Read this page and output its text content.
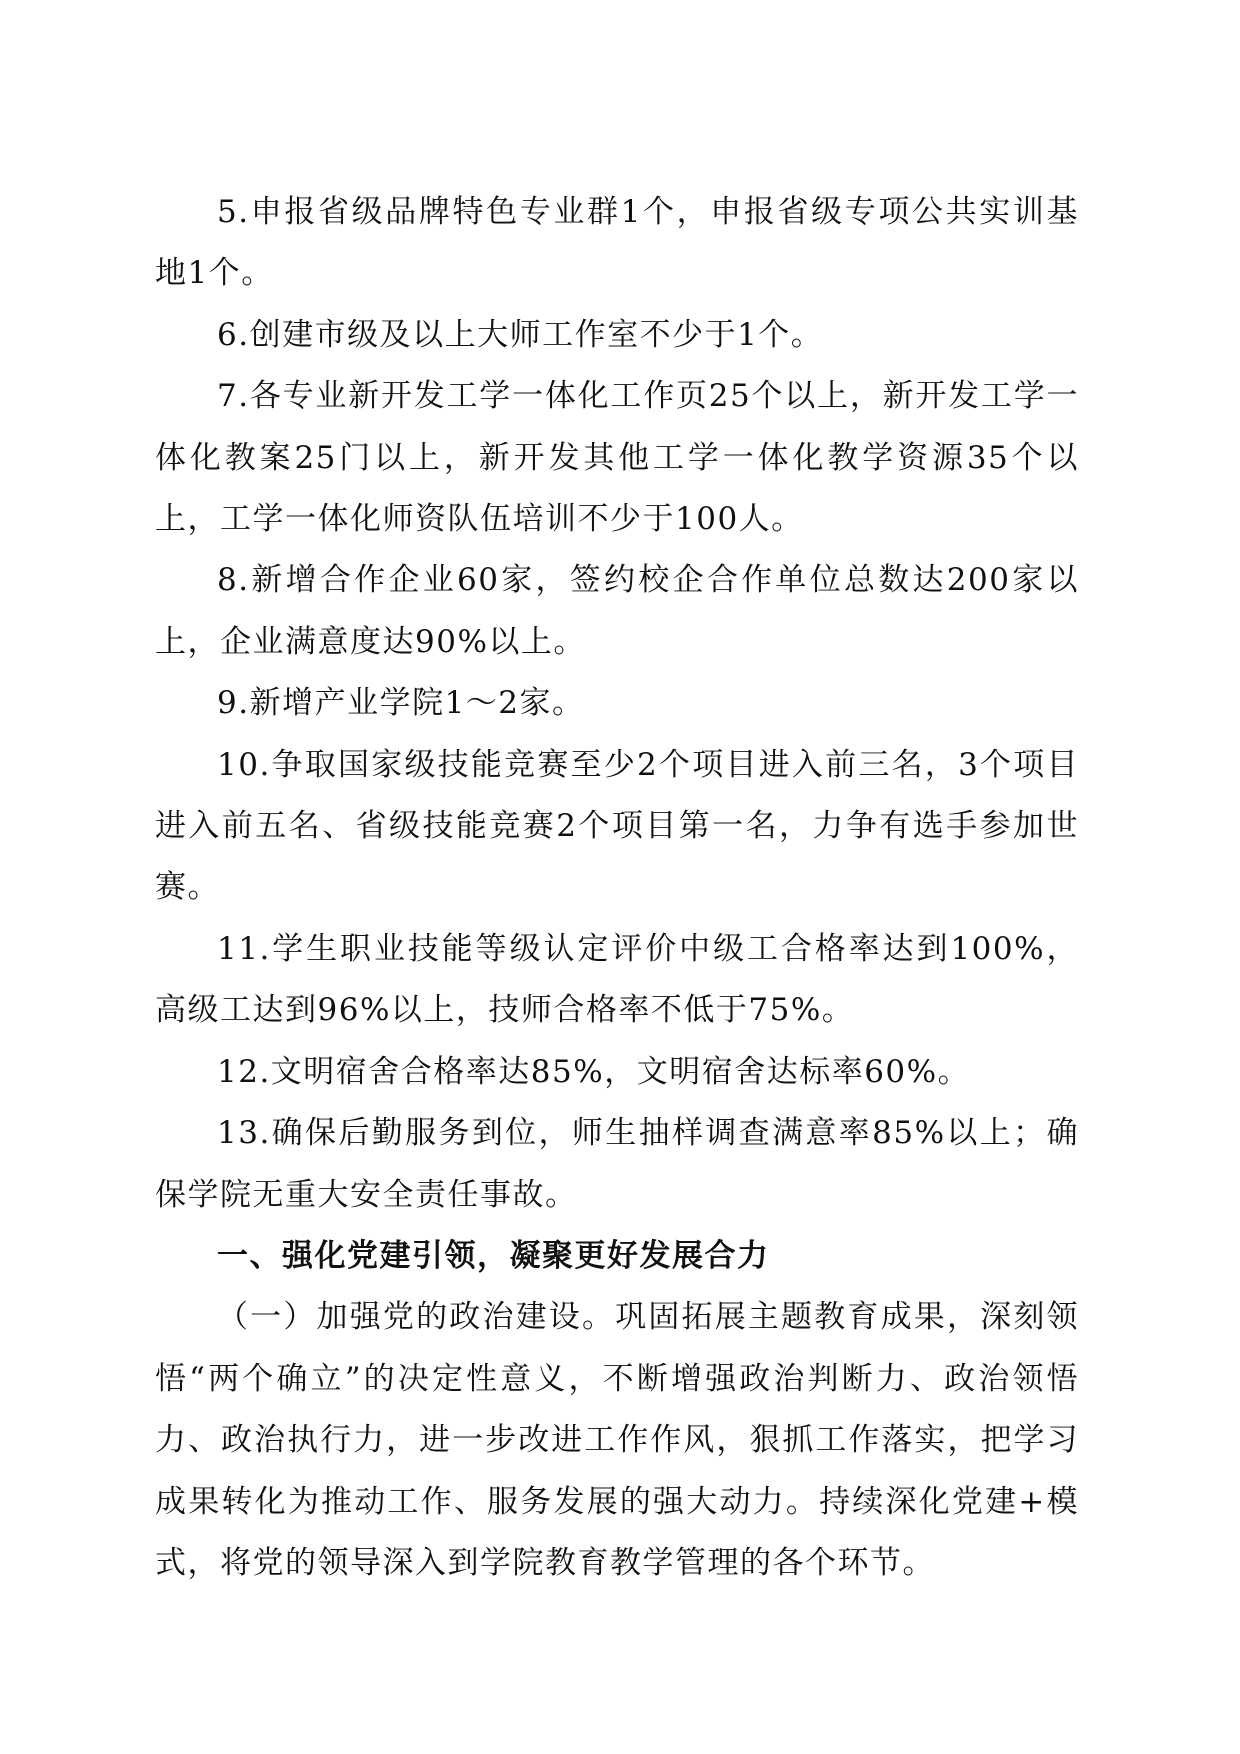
5.申报省级品牌特色专业群1个，申报省级专项公共实训基地1个。

6.创建市级及以上大师工作室不少于1个。

7.各专业新开发工学一体化工作页25个以上，新开发工学一体化教案25门以上，新开发其他工学一体化教学资源35个以上，工学一体化师资队伍培训不少于100人。

8.新增合作企业60家，签约校企合作单位总数达200家以上，企业满意度达90%以上。

9.新增产业学院1～2家。

10.争取国家级技能竞赛至少2个项目进入前三名，3个项目进入前五名、省级技能竞赛2个项目第一名，力争有选手参加世赛。

11.学生职业技能等级认定评价中级工合格率达到100%，高级工达到96%以上，技师合格率不低于75%。

12.文明宿舍合格率达85%，文明宿舍达标率60%。

13.确保后勤服务到位，师生抽样调查满意率85%以上；确保学院无重大安全责任事故。

一、强化党建引领，凝聚更好发展合力

（一）加强党的政治建设。巩固拓展主题教育成果，深刻领悟“两个确立”的决定性意义，不断增强政治判断力、政治领悟力、政治执行力，进一步改进工作作风，狠抓工作落实，把学习成果转化为推动工作、服务发展的强大动力。持续深化党建+模式，将党的领导深入到学院教育教学管理的各个环节。
